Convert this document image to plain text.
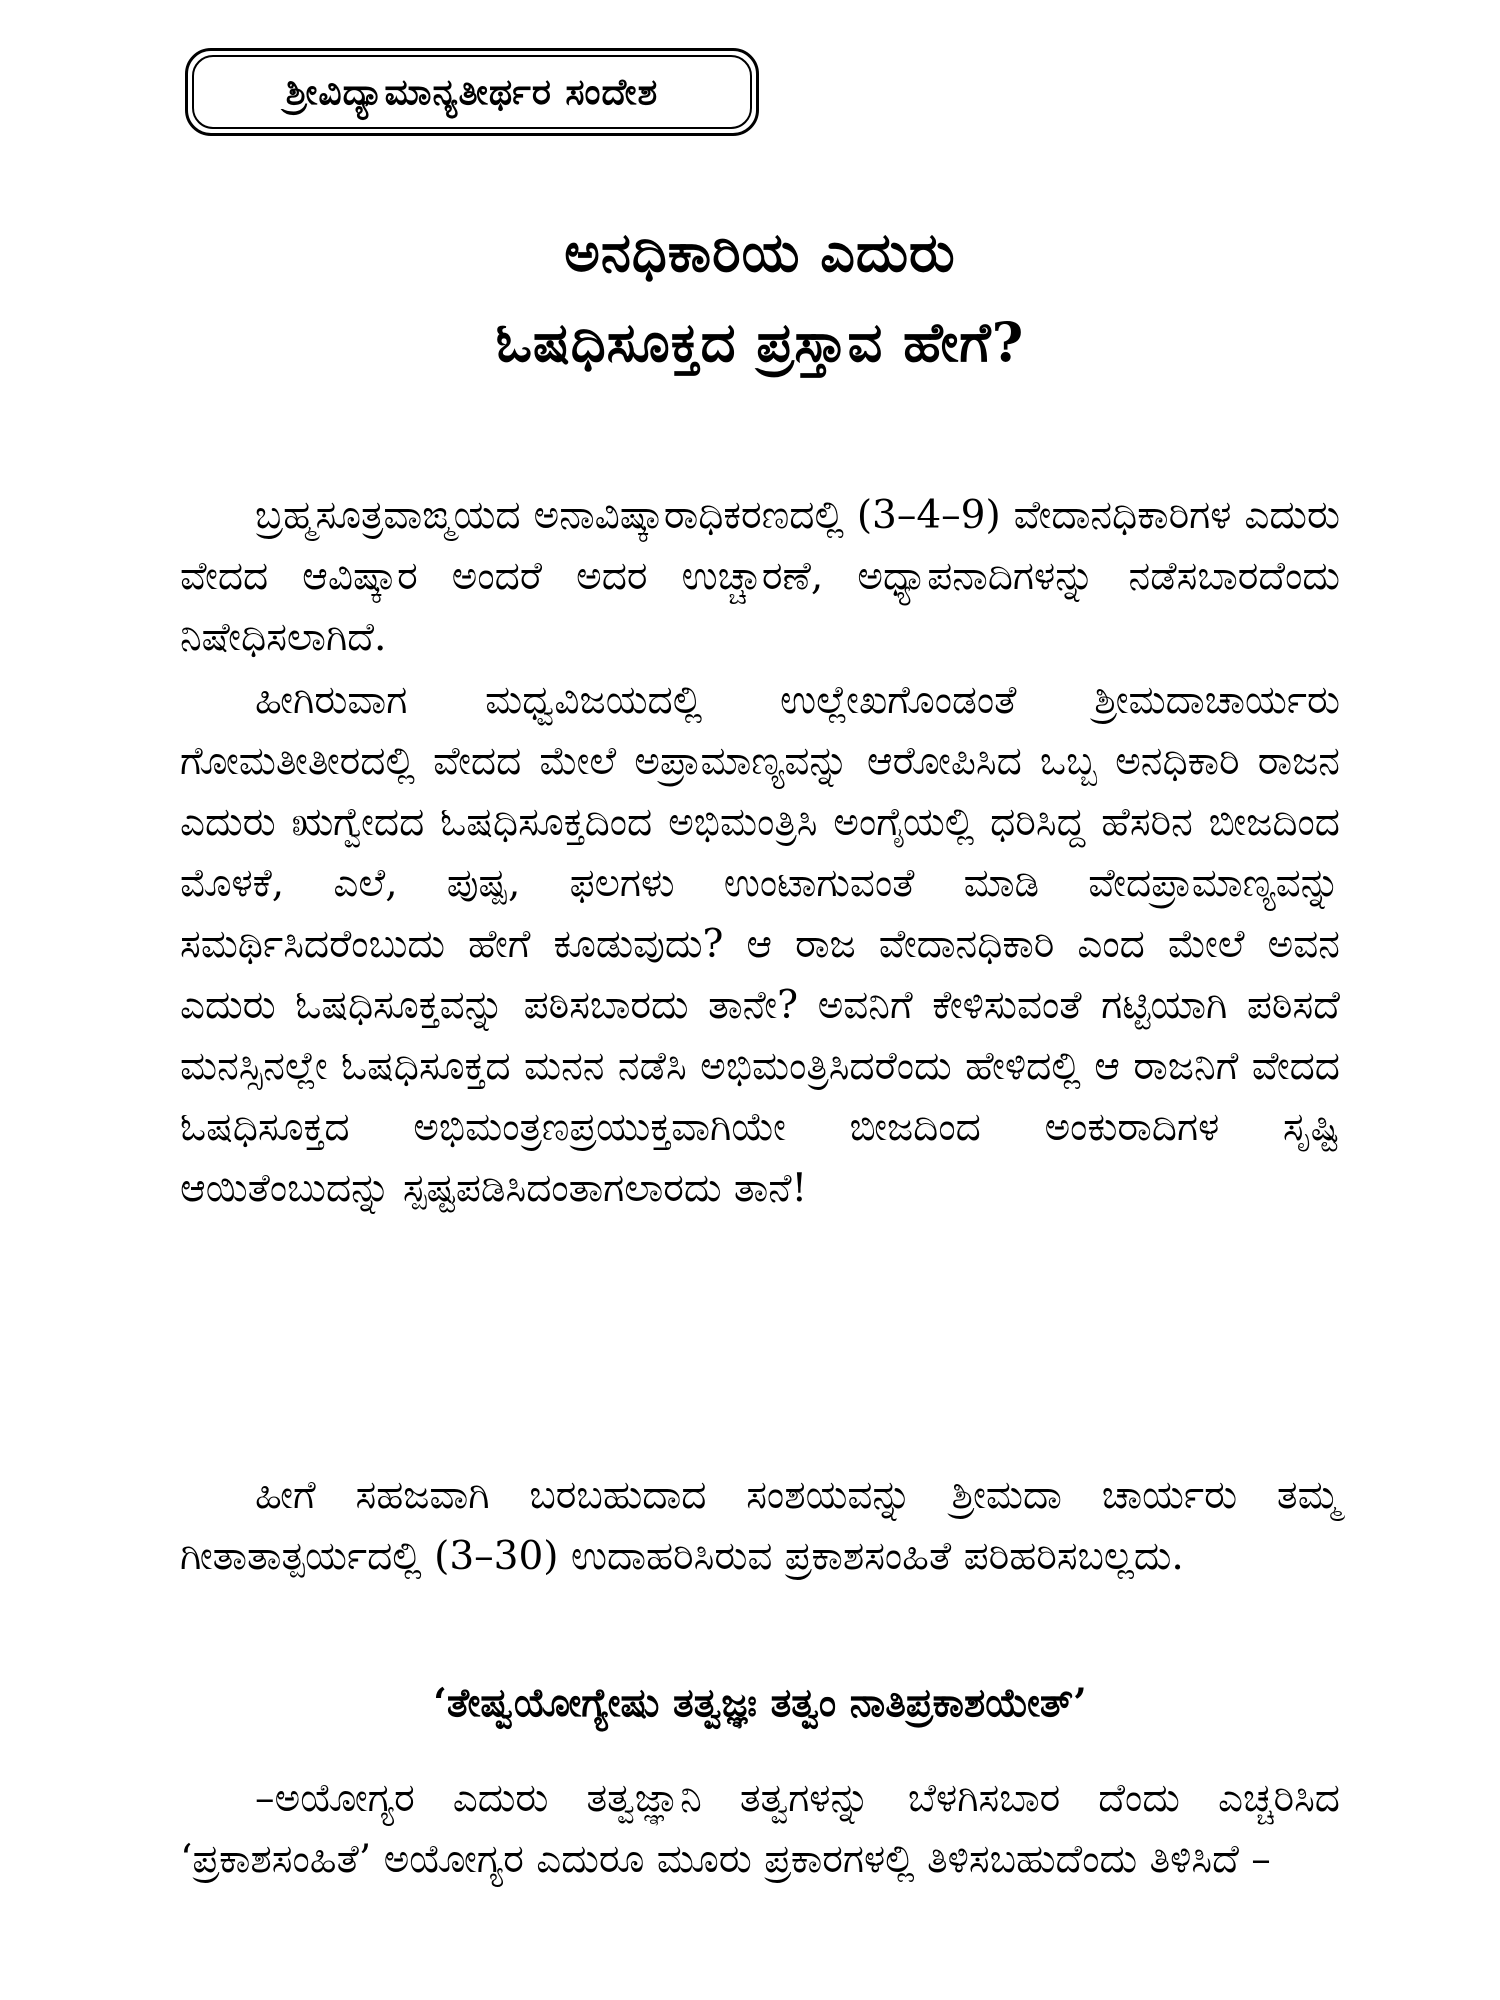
ಶ್ರೀವಿದ್ಯಾಮಾನ್ಯತೀರ್ಥರ ಸಂದೇಶ
ಅನಧಿಕಾರಿಯ ಎದುರು
ಓಷಧಿಸೂಕ್ತದ ಪ್ರಸ್ತಾವ ಹೇಗೆ?

ಬ್ರಹ್ಮಸೂತ್ರವಾಙ್ಮಯದ ಅನಾವಿಷ್ಕಾರಾಧಿಕರಣದಲ್ಲಿ (3–4–9) ವೇದಾನಧಿಕಾರಿಗಳ ಎದುರು ವೇದದ ಆವಿಷ್ಕಾರ ಅಂದರೆ ಅದರ ಉಚ್ಚಾರಣೆ, ಅಧ್ಯಾಪನಾದಿಗಳನ್ನು ನಡೆಸಬಾರದೆಂದು ನಿಷೇಧಿಸಲಾಗಿದೆ.

ಹೀಗಿರುವಾಗ ಮಧ್ವವಿಜಯದಲ್ಲಿ ಉಲ್ಲೇಖಗೊಂಡಂತೆ ಶ್ರೀಮದಾಚಾರ್ಯರು ಗೋಮತೀತೀರದಲ್ಲಿ ವೇದದ ಮೇಲೆ ಅಪ್ರಾಮಾಣ್ಯವನ್ನು ಆರೋಪಿಸಿದ ಒಬ್ಬ ಅನಧಿಕಾರಿ ರಾಜನ ಎದುರು ಋಗ್ವೇದದ ಓಷಧಿಸೂಕ್ತದಿಂದ ಅಭಿಮಂತ್ರಿಸಿ ಅಂಗೈಯಲ್ಲಿ ಧರಿಸಿದ್ದ ಹೆಸರಿನ ಬೀಜದಿಂದ ಮೊಳಕೆ, ಎಲೆ, ಪುಷ್ಪ, ಫಲಗಳು ಉಂಟಾಗುವಂತೆ ಮಾಡಿ ವೇದಪ್ರಾಮಾಣ್ಯವನ್ನು ಸಮರ್ಥಿಸಿದರೆಂಬುದು ಹೇಗೆ ಕೂಡುವುದು? ಆ ರಾಜ ವೇದಾನಧಿಕಾರಿ ಎಂದ ಮೇಲೆ ಅವನ ಎದುರು ಓಷಧಿಸೂಕ್ತವನ್ನು ಪಠಿಸಬಾರದು ತಾನೇ? ಅವನಿಗೆ ಕೇಳಿಸುವಂತೆ ಗಟ್ಟಿಯಾಗಿ ಪಠಿಸದೆ ಮನಸ್ಸಿನಲ್ಲೇ ಓಷಧಿಸೂಕ್ತದ ಮನನ ನಡೆಸಿ ಅಭಿಮಂತ್ರಿಸಿದರೆಂದು ಹೇಳಿದಲ್ಲಿ ಆ ರಾಜನಿಗೆ ವೇದದ ಓಷಧಿಸೂಕ್ತದ ಅಭಿಮಂತ್ರಣಪ್ರಯುಕ್ತವಾಗಿಯೇ ಬೀಜದಿಂದ ಅಂಕುರಾದಿಗಳ ಸೃಷ್ಟಿ ಆಯಿತೆಂಬುದನ್ನು ಸ್ಪಷ್ಟಪಡಿಸಿದಂತಾಗಲಾರದು ತಾನೆ!

ಹೀಗೆ ಸಹಜವಾಗಿ ಬರಬಹುದಾದ ಸಂಶಯವನ್ನು ಶ್ರೀಮದಾ ಚಾರ್ಯರು ತಮ್ಮ ಗೀತಾತಾತ್ಪರ್ಯದಲ್ಲಿ (3–30) ಉದಾಹರಿಸಿರುವ ಪ್ರಕಾಶಸಂಹಿತೆ ಪರಿಹರಿಸಬಲ್ಲದು.

‘ತೇಷ್ವಯೋಗ್ಯೇಷು ತತ್ವಜ್ಞಃ ತತ್ವಂ ನಾತಿಪ್ರಕಾಶಯೇತ್’

–ಅಯೋಗ್ಯರ ಎದುರು ತತ್ವಜ್ಞಾನಿ ತತ್ವಗಳನ್ನು ಬೆಳಗಿಸಬಾರ ದೆಂದು ಎಚ್ಚರಿಸಿದ ‘ಪ್ರಕಾಶಸಂಹಿತೆ’ ಅಯೋಗ್ಯರ ಎದುರೂ ಮೂರು ಪ್ರಕಾರಗಳಲ್ಲಿ ತಿಳಿಸಬಹುದೆಂದು ತಿಳಿಸಿದೆ –
